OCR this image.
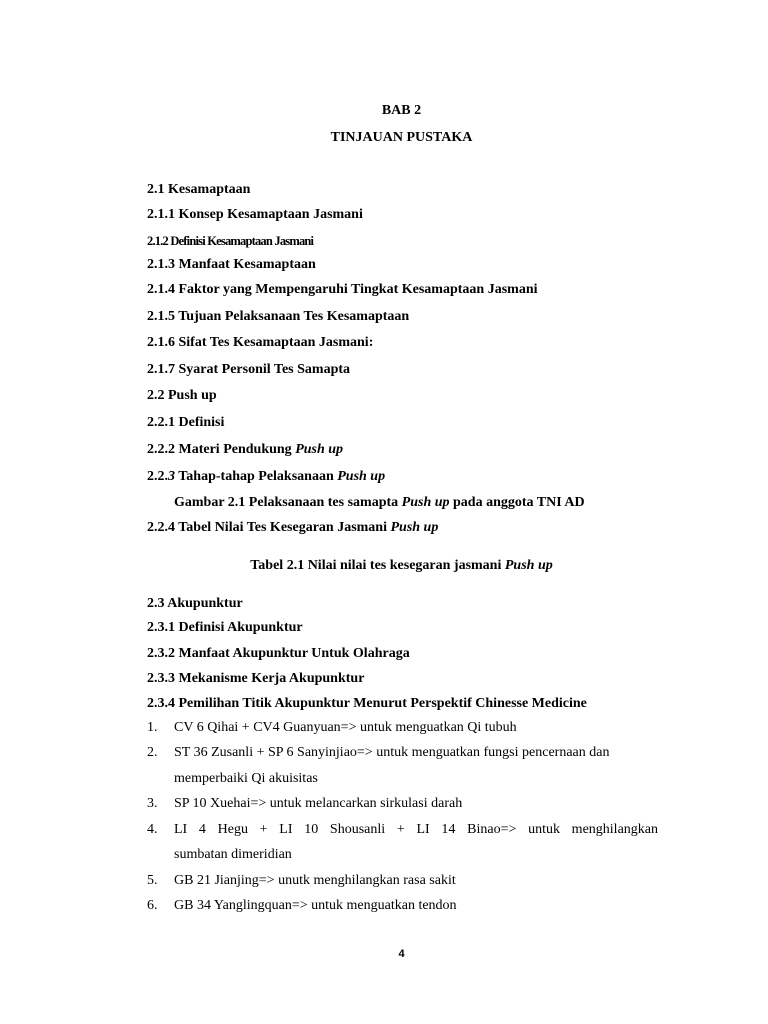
BAB 2
TINJAUAN PUSTAKA
2.1 Kesamaptaan
2.1.1 Konsep Kesamaptaan Jasmani
2.1.2 Definisi Kesamaptaan Jasmani
2.1.3 Manfaat Kesamaptaan
2.1.4 Faktor yang Mempengaruhi Tingkat Kesamaptaan Jasmani
2.1.5 Tujuan Pelaksanaan Tes Kesamaptaan
2.1.6 Sifat Tes Kesamaptaan Jasmani:
2.1.7 Syarat Personil Tes Samapta
2.2 Push up
2.2.1 Definisi
2.2.2 Materi Pendukung Push up
2.2.3 Tahap-tahap Pelaksanaan Push up
Gambar 2.1 Pelaksanaan tes samapta Push up pada anggota TNI AD
2.2.4 Tabel Nilai Tes Kesegaran Jasmani Push up
Tabel 2.1 Nilai nilai tes kesegaran jasmani Push up
2.3 Akupunktur
2.3.1 Definisi Akupunktur
2.3.2 Manfaat Akupunktur Untuk Olahraga
2.3.3 Mekanisme Kerja Akupunktur
2.3.4 Pemilihan Titik Akupunktur Menurut Perspektif Chinesse Medicine
1. CV 6 Qihai + CV4 Guanyuan=> untuk menguatkan Qi tubuh
2. ST 36 Zusanli + SP 6 Sanyinjiao=> untuk menguatkan fungsi pencernaan dan
memperbaiki Qi akuisitas
3. SP 10 Xuehai=> untuk melancarkan sirkulasi darah
4. LI 4 Hegu + LI 10 Shousanli + LI 14 Binao=> untuk menghilangkan
sumbatan dimeridian
5. GB 21 Jianjing=> unutk menghilangkan rasa sakit
6. GB 34 Yanglingquan=> untuk menguatkan tendon
4
